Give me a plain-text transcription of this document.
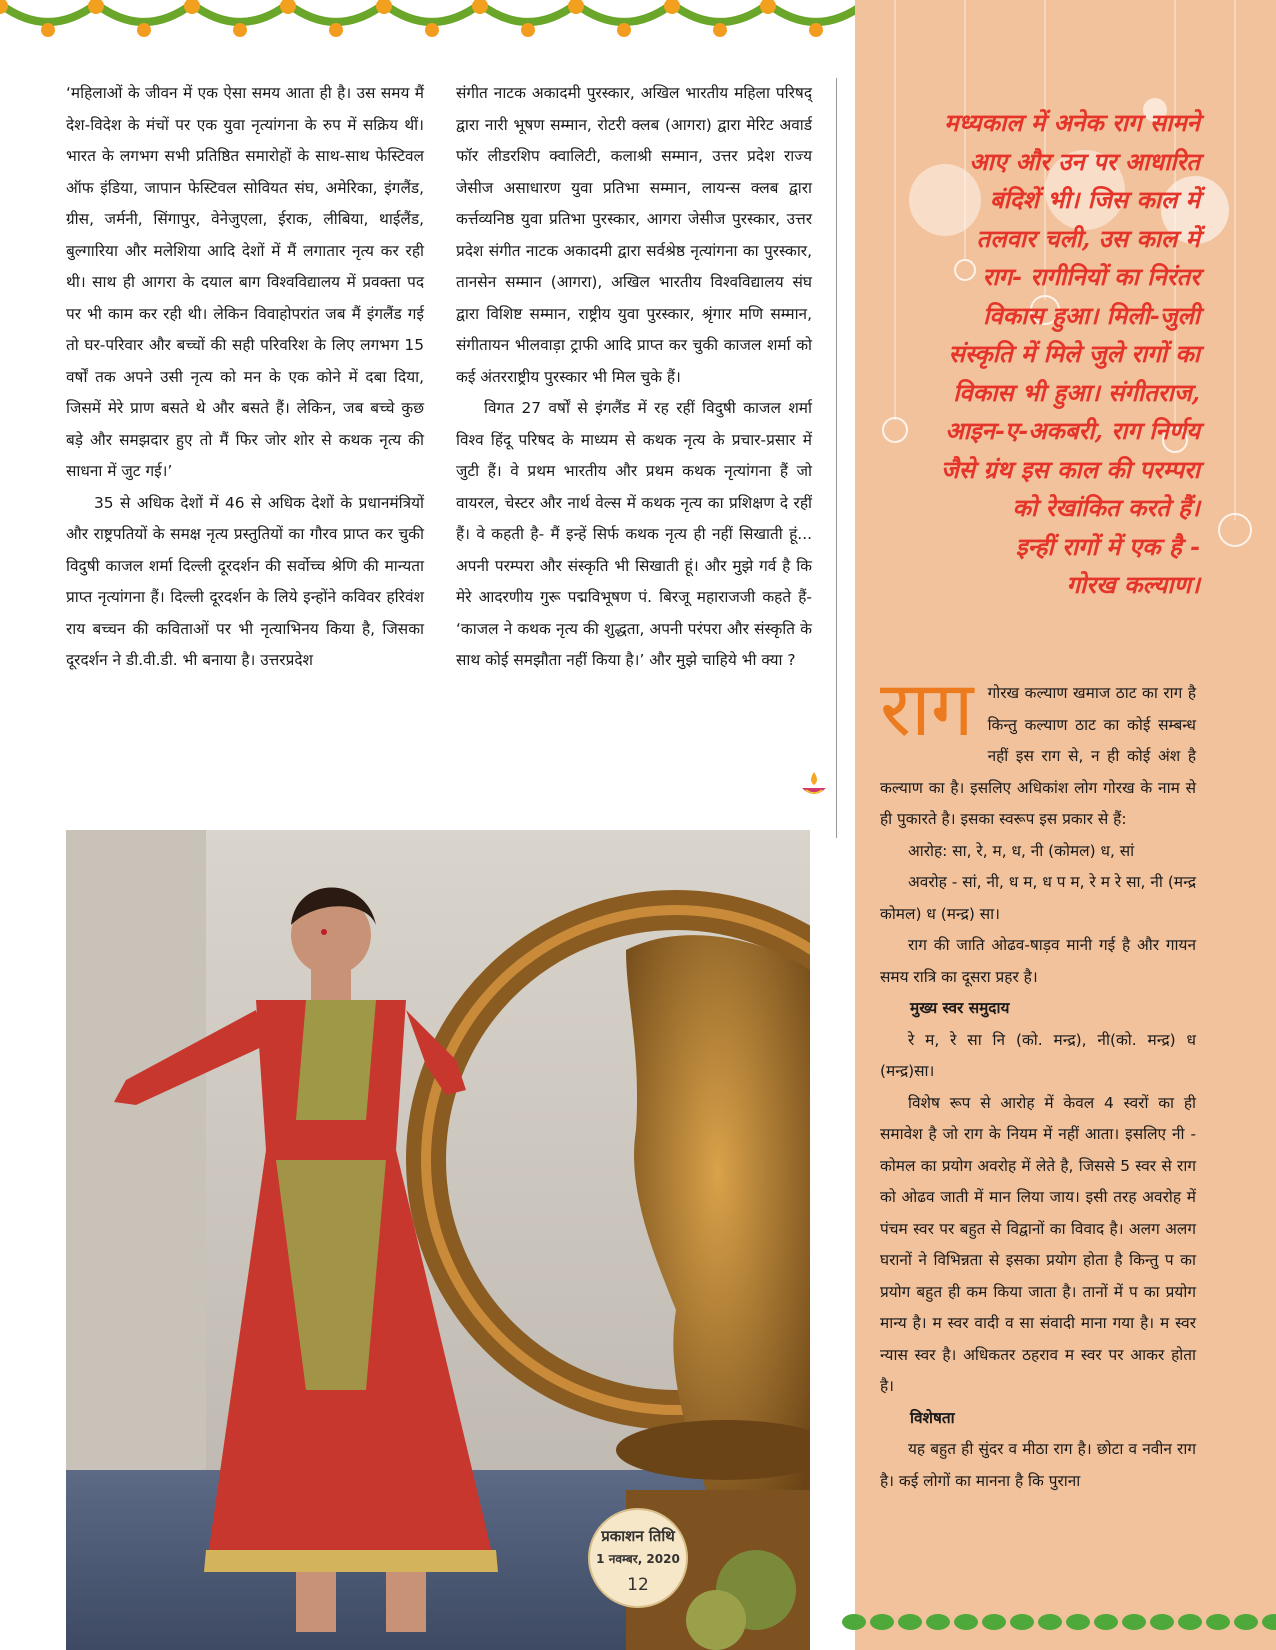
‘महिलाओं के जीवन में एक ऐसा समय आता ही है। उस समय मैं देश-विदेश के मंचों पर एक युवा नृत्यांगना के रुप में सक्रिय थीं। भारत के लगभग सभी प्रतिष्ठित समारोहों के साथ-साथ फेस्टिवल ऑफ इंडिया, जापान फेस्टिवल सोवियत संघ, अमेरिका, इंगलैंड, ग्रीस, जर्मनी, सिंगापुर, वेनेजुएला, ईराक, लीबिया, थाईलैंड, बुल्गारिया और मलेशिया आदि देशों में मैं लगातार नृत्य कर रही थी। साथ ही आगरा के दयाल बाग विश्वविद्यालय में प्रवक्ता पद पर भी काम कर रही थी। लेकिन विवाहोपरांत जब मैं इंगलैंड गई तो घर-परिवार और बच्चों की सही परिवरिश के लिए लगभग 15 वर्षों तक अपने उसी नृत्य को मन के एक कोने में दबा दिया, जिसमें मेरे प्राण बसते थे और बसते हैं। लेकिन, जब बच्चे कुछ बड़े और समझदार हुए तो मैं फिर जोर शोर से कथक नृत्य की साधना में जुट गई।’

35 से अधिक देशों में 46 से अधिक देशों के प्रधानमंत्रियों और राष्ट्रपतियों के समक्ष नृत्य प्रस्तुतियों का गौरव प्राप्त कर चुकी विदुषी काजल शर्मा दिल्ली दूरदर्शन की सर्वोच्च श्रेणि की मान्यता प्राप्त नृत्यांगना हैं। दिल्ली दूरदर्शन के लिये इन्होंने कविवर हरिवंश राय बच्चन की कविताओं पर भी नृत्याभिनय किया है, जिसका दूरदर्शन ने डी.वी.डी. भी बनाया है। उत्तरप्रदेश

संगीत नाटक अकादमी पुरस्कार, अखिल भारतीय महिला परिषद् द्वारा नारी भूषण सम्मान, रोटरी क्लब (आगरा) द्वारा मेरिट अवार्ड फॉर लीडरशिप क्वालिटी, कलाश्री सम्मान, उत्तर प्रदेश राज्य जेसीज असाधारण युवा प्रतिभा सम्मान, लायन्स क्लब द्वारा कर्त्तव्यनिष्ठ युवा प्रतिभा पुरस्कार, आगरा जेसीज पुरस्कार, उत्तर प्रदेश संगीत नाटक अकादमी द्वारा सर्वश्रेष्ठ नृत्यांगना का पुरस्कार, तानसेन सम्मान (आगरा), अखिल भारतीय विश्वविद्यालय संघ द्वारा विशिष्ट सम्मान, राष्ट्रीय युवा पुरस्कार, श्रृंगार मणि सम्मान, संगीतायन भीलवाड़ा ट्राफी आदि प्राप्त कर चुकी काजल शर्मा को कई अंतरराष्ट्रीय पुरस्कार भी मिल चुके हैं।

विगत 27 वर्षों से इंगलैंड में रह रहीं विदुषी काजल शर्मा विश्व हिंदू परिषद के माध्यम से कथक नृत्य के प्रचार-प्रसार में जुटी हैं। वे प्रथम भारतीय और प्रथम कथक नृत्यांगना हैं जो वायरल, चेस्टर और नार्थ वेल्स में कथक नृत्य का प्रशिक्षण दे रहीं हैं। वे कहती है- मैं इन्हें सिर्फ कथक नृत्य ही नहीं सिखाती हूं... अपनी परम्परा और संस्कृति भी सिखाती हूं। और मुझे गर्व है कि मेरे आदरणीय गुरू पद्मविभूषण पं. बिरजू महाराजजी कहते हैं- ‘काजल ने कथक नृत्य की शुद्धता, अपनी परंपरा और संस्कृति के साथ कोई समझौता नहीं किया है।’ और मुझे चाहिये भी क्या ?

मध्यकाल में अनेक राग सामने
आए और उन पर आधारित
बंदिशें भी। जिस काल में
तलवार चली, उस काल में
राग- रागीनियों का निरंतर
विकास हुआ। मिली-जुली
संस्कृति में मिले जुले रागों का
विकास भी हुआ। संगीतराज,
आइन-ए-अकबरी, राग निर्णय
जैसे ग्रंथ इस काल की परम्परा
को रेखांकित करते हैं।
इन्हीं रागों में एक है -
गोरख कल्याण।

राग गोरख कल्याण खमाज ठाट का राग है किन्तु कल्याण ठाट का कोई सम्बन्ध नहीं इस राग से, न ही कोई अंश है कल्याण का है। इसलिए अधिकांश लोग गोरख के नाम से ही पुकारते है। इसका स्वरूप इस प्रकार से हैं:

आरोह: सा, रे, म, ध, नी (कोमल) ध, सां

अवरोह - सां, नी, ध म, ध प म, रे म रे सा, नी (मन्द्र कोमल) ध (मन्द्र) सा।

राग की जाति ओढव-षाड़व मानी गई है और गायन समय रात्रि का दूसरा प्रहर है।

मुख्य स्वर समुदाय

रे म, रे सा नि (को. मन्द्र), नी(को. मन्द्र) ध (मन्द्र)सा।

विशेष रूप से आरोह में केवल 4 स्वरों का ही समावेश है जो राग के नियम में नहीं आता। इसलिए नी - कोमल का प्रयोग अवरोह में लेते है, जिससे 5 स्वर से राग को ओढव जाती में मान लिया जाय। इसी तरह अवरोह में पंचम स्वर पर बहुत से विद्वानों का विवाद है। अलग अलग घरानों ने विभिन्नता से इसका प्रयोग होता है किन्तु प का प्रयोग बहुत ही कम किया जाता है। तानों में प का प्रयोग मान्य है। म स्वर वादी व सा संवादी माना गया है। म स्वर न्यास स्वर है। अधिकतर ठहराव म स्वर पर आकर होता है।

विशेषता

यह बहुत ही सुंदर व मीठा राग है। छोटा व नवीन राग है। कई लोगों का मानना है कि पुराना

प्रकाशन तिथि
1 नवम्बर, 2020
12
